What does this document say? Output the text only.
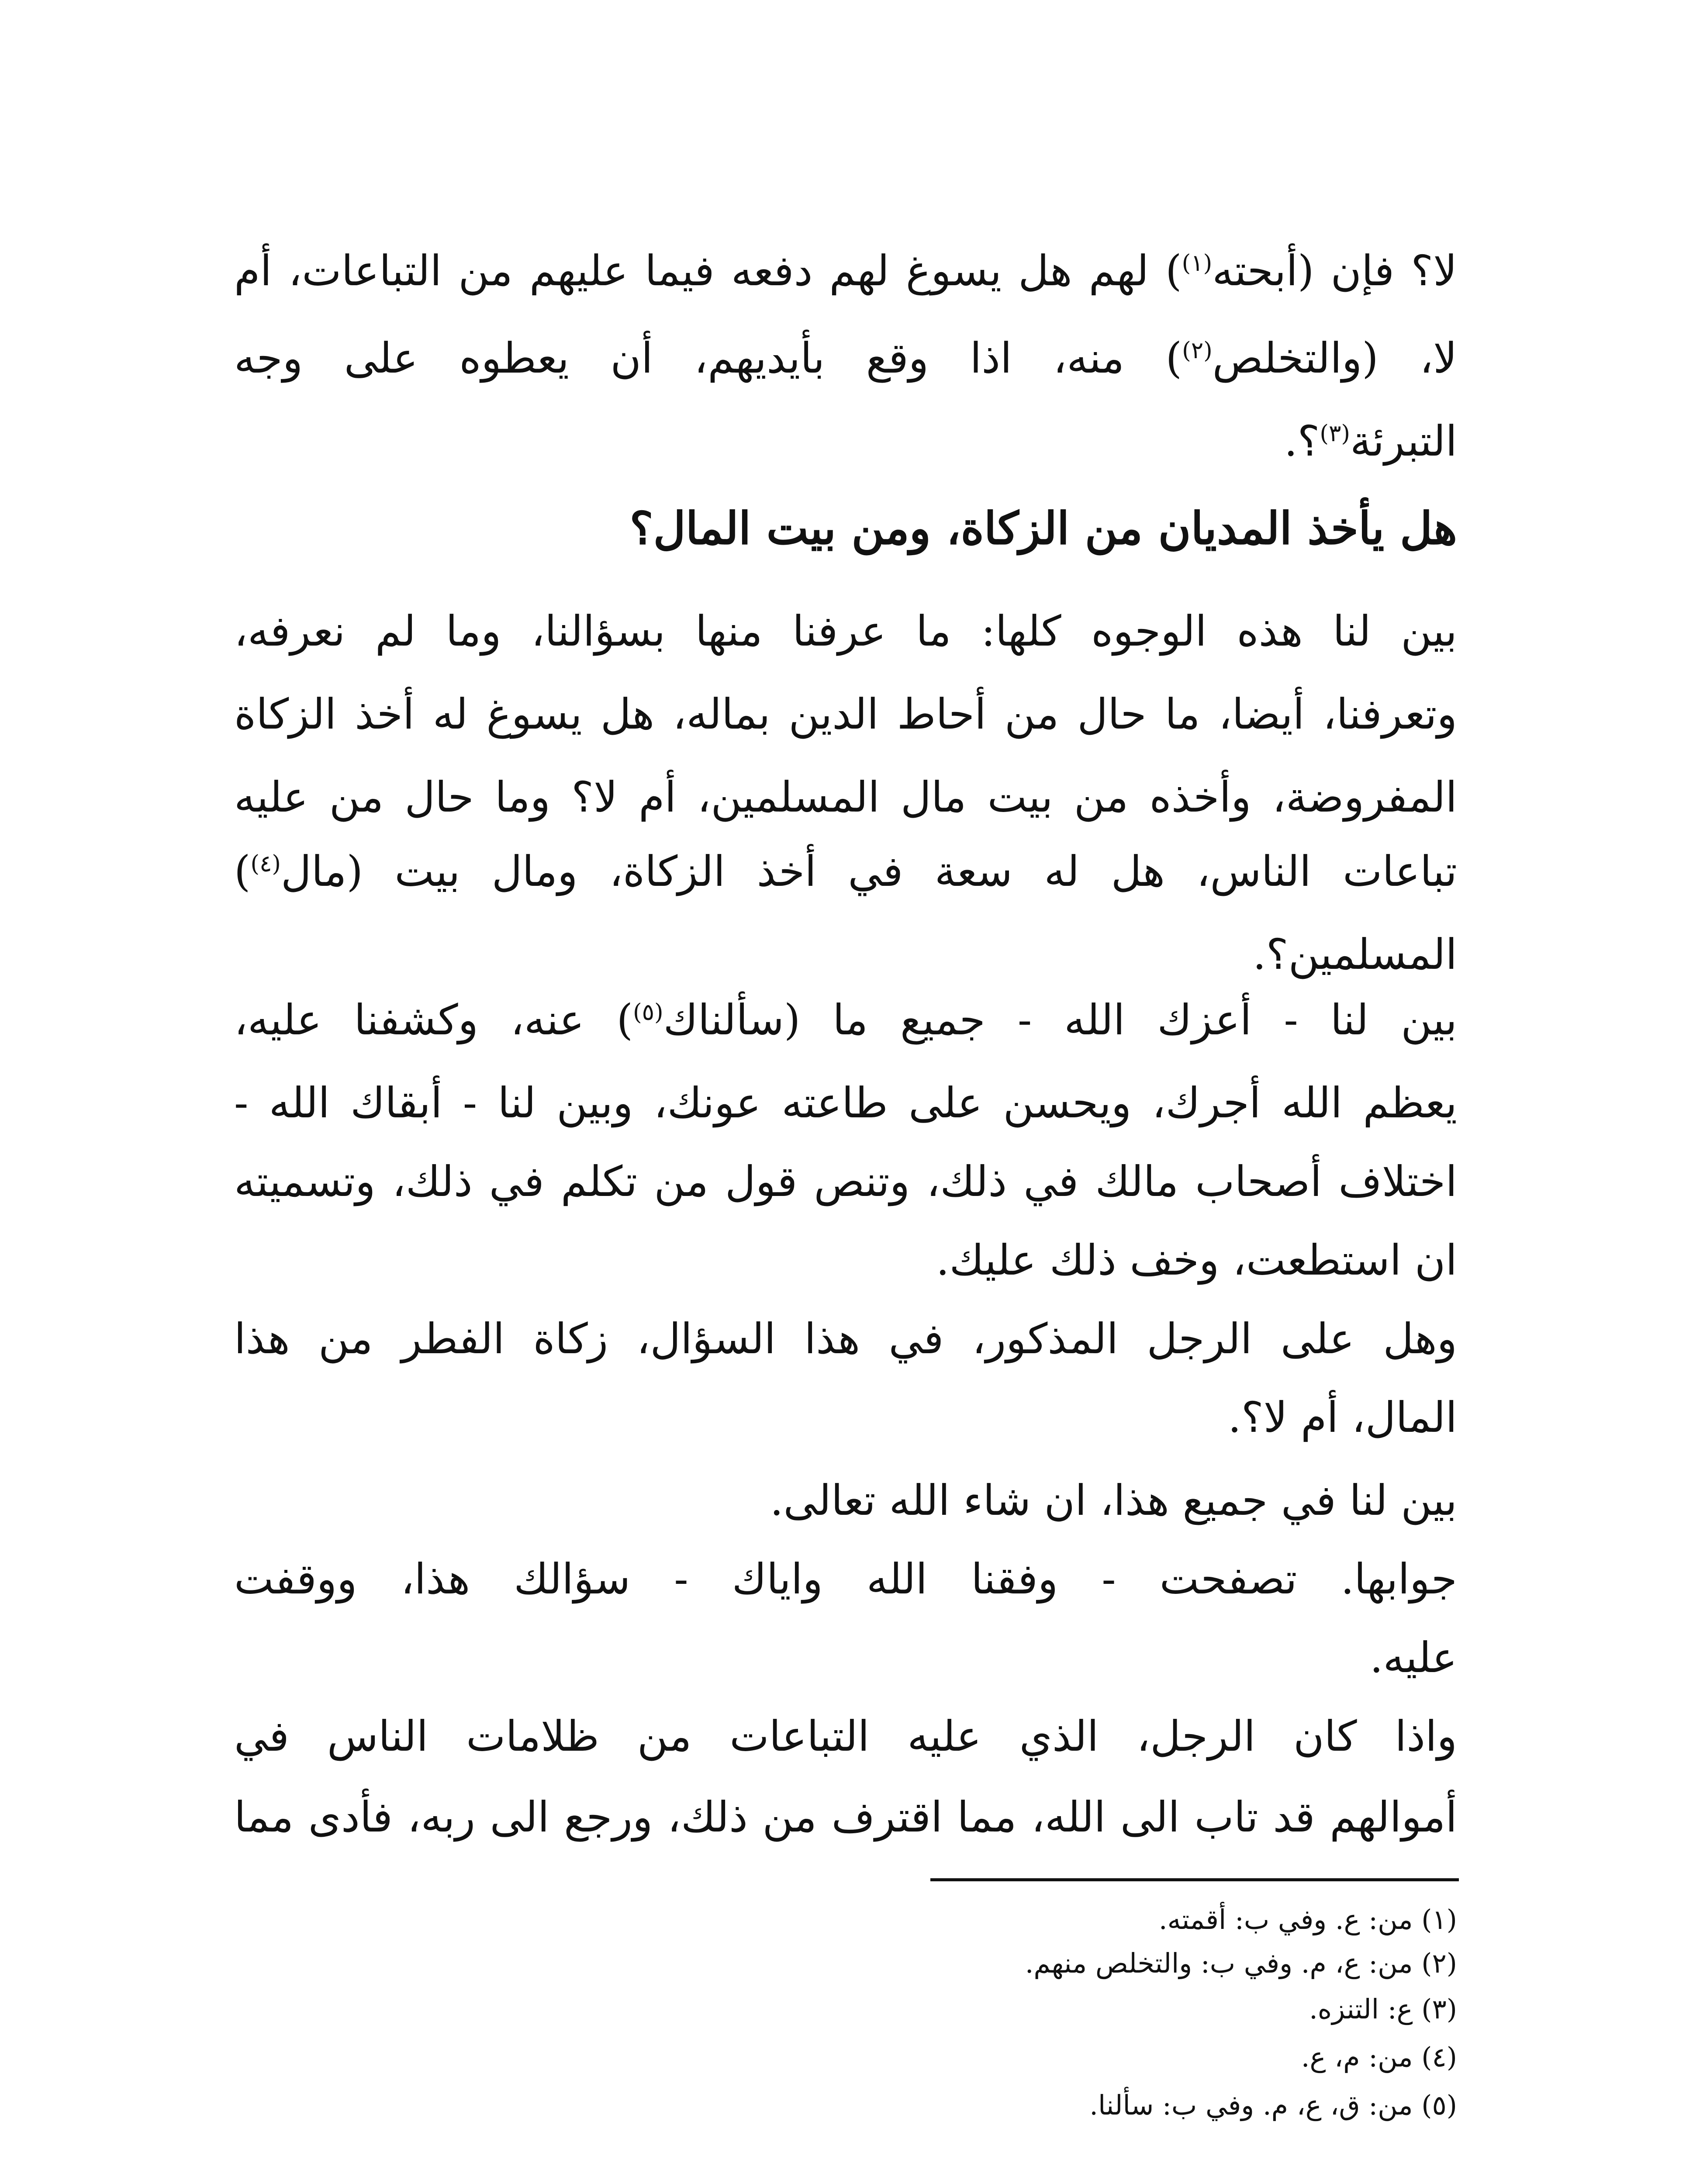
لا؟ فإن (أبحته$^{(١)}$) لهم هل يسوغ لهم دفعه فيما عليهم من التباعات، أم
لا، (والتخلص$^{(٢)}$) منه، اذا وقع بأيديهم، أن يعطوه على وجه
التبرئة$^{(٣)}$؟.
هل يأخذ المديان من الزكاة، ومن بيت المال؟
بين لنا هذه الوجوه كلها: ما عرفنا منها بسؤالنا، وما لم نعرفه،
وتعرفنا، أيضا، ما حال من أحاط الدين بماله، هل يسوغ له أخذ الزكاة
المفروضة، وأخذه من بيت مال المسلمين، أم لا؟ وما حال من عليه
تباعات الناس، هل له سعة في أخذ الزكاة، ومال بيت (مال$^{(٤)}$)
المسلمين؟.
بين لنا - أعزك الله - جميع ما (سألناك$^{(٥)}$) عنه، وكشفنا عليه،
يعظم الله أجرك، ويحسن على طاعته عونك، وبين لنا - أبقاك الله -
اختلاف أصحاب مالك في ذلك، وتنص قول من تكلم في ذلك، وتسميته
ان استطعت، وخف ذلك عليك.
وهل على الرجل المذكور، في هذا السؤال، زكاة الفطر من هذا
المال، أم لا؟.
بين لنا في جميع هذا، ان شاء الله تعالى.
جوابها. تصفحت - وفقنا الله واياك - سؤالك هذا، ووقفت
عليه.
واذا كان الرجل، الذي عليه التباعات من ظلامات الناس في
أموالهم قد تاب الى الله، مما اقترف من ذلك، ورجع الى ربه، فأدى مما
(١) من: ع. وفي ب: أقمته.
(٢) من: ع، م. وفي ب: والتخلص منهم.
(٣) ع: التنزه.
(٤) من: م، ع.
(٥) من: ق، ع، م. وفي ب: سألنا.
